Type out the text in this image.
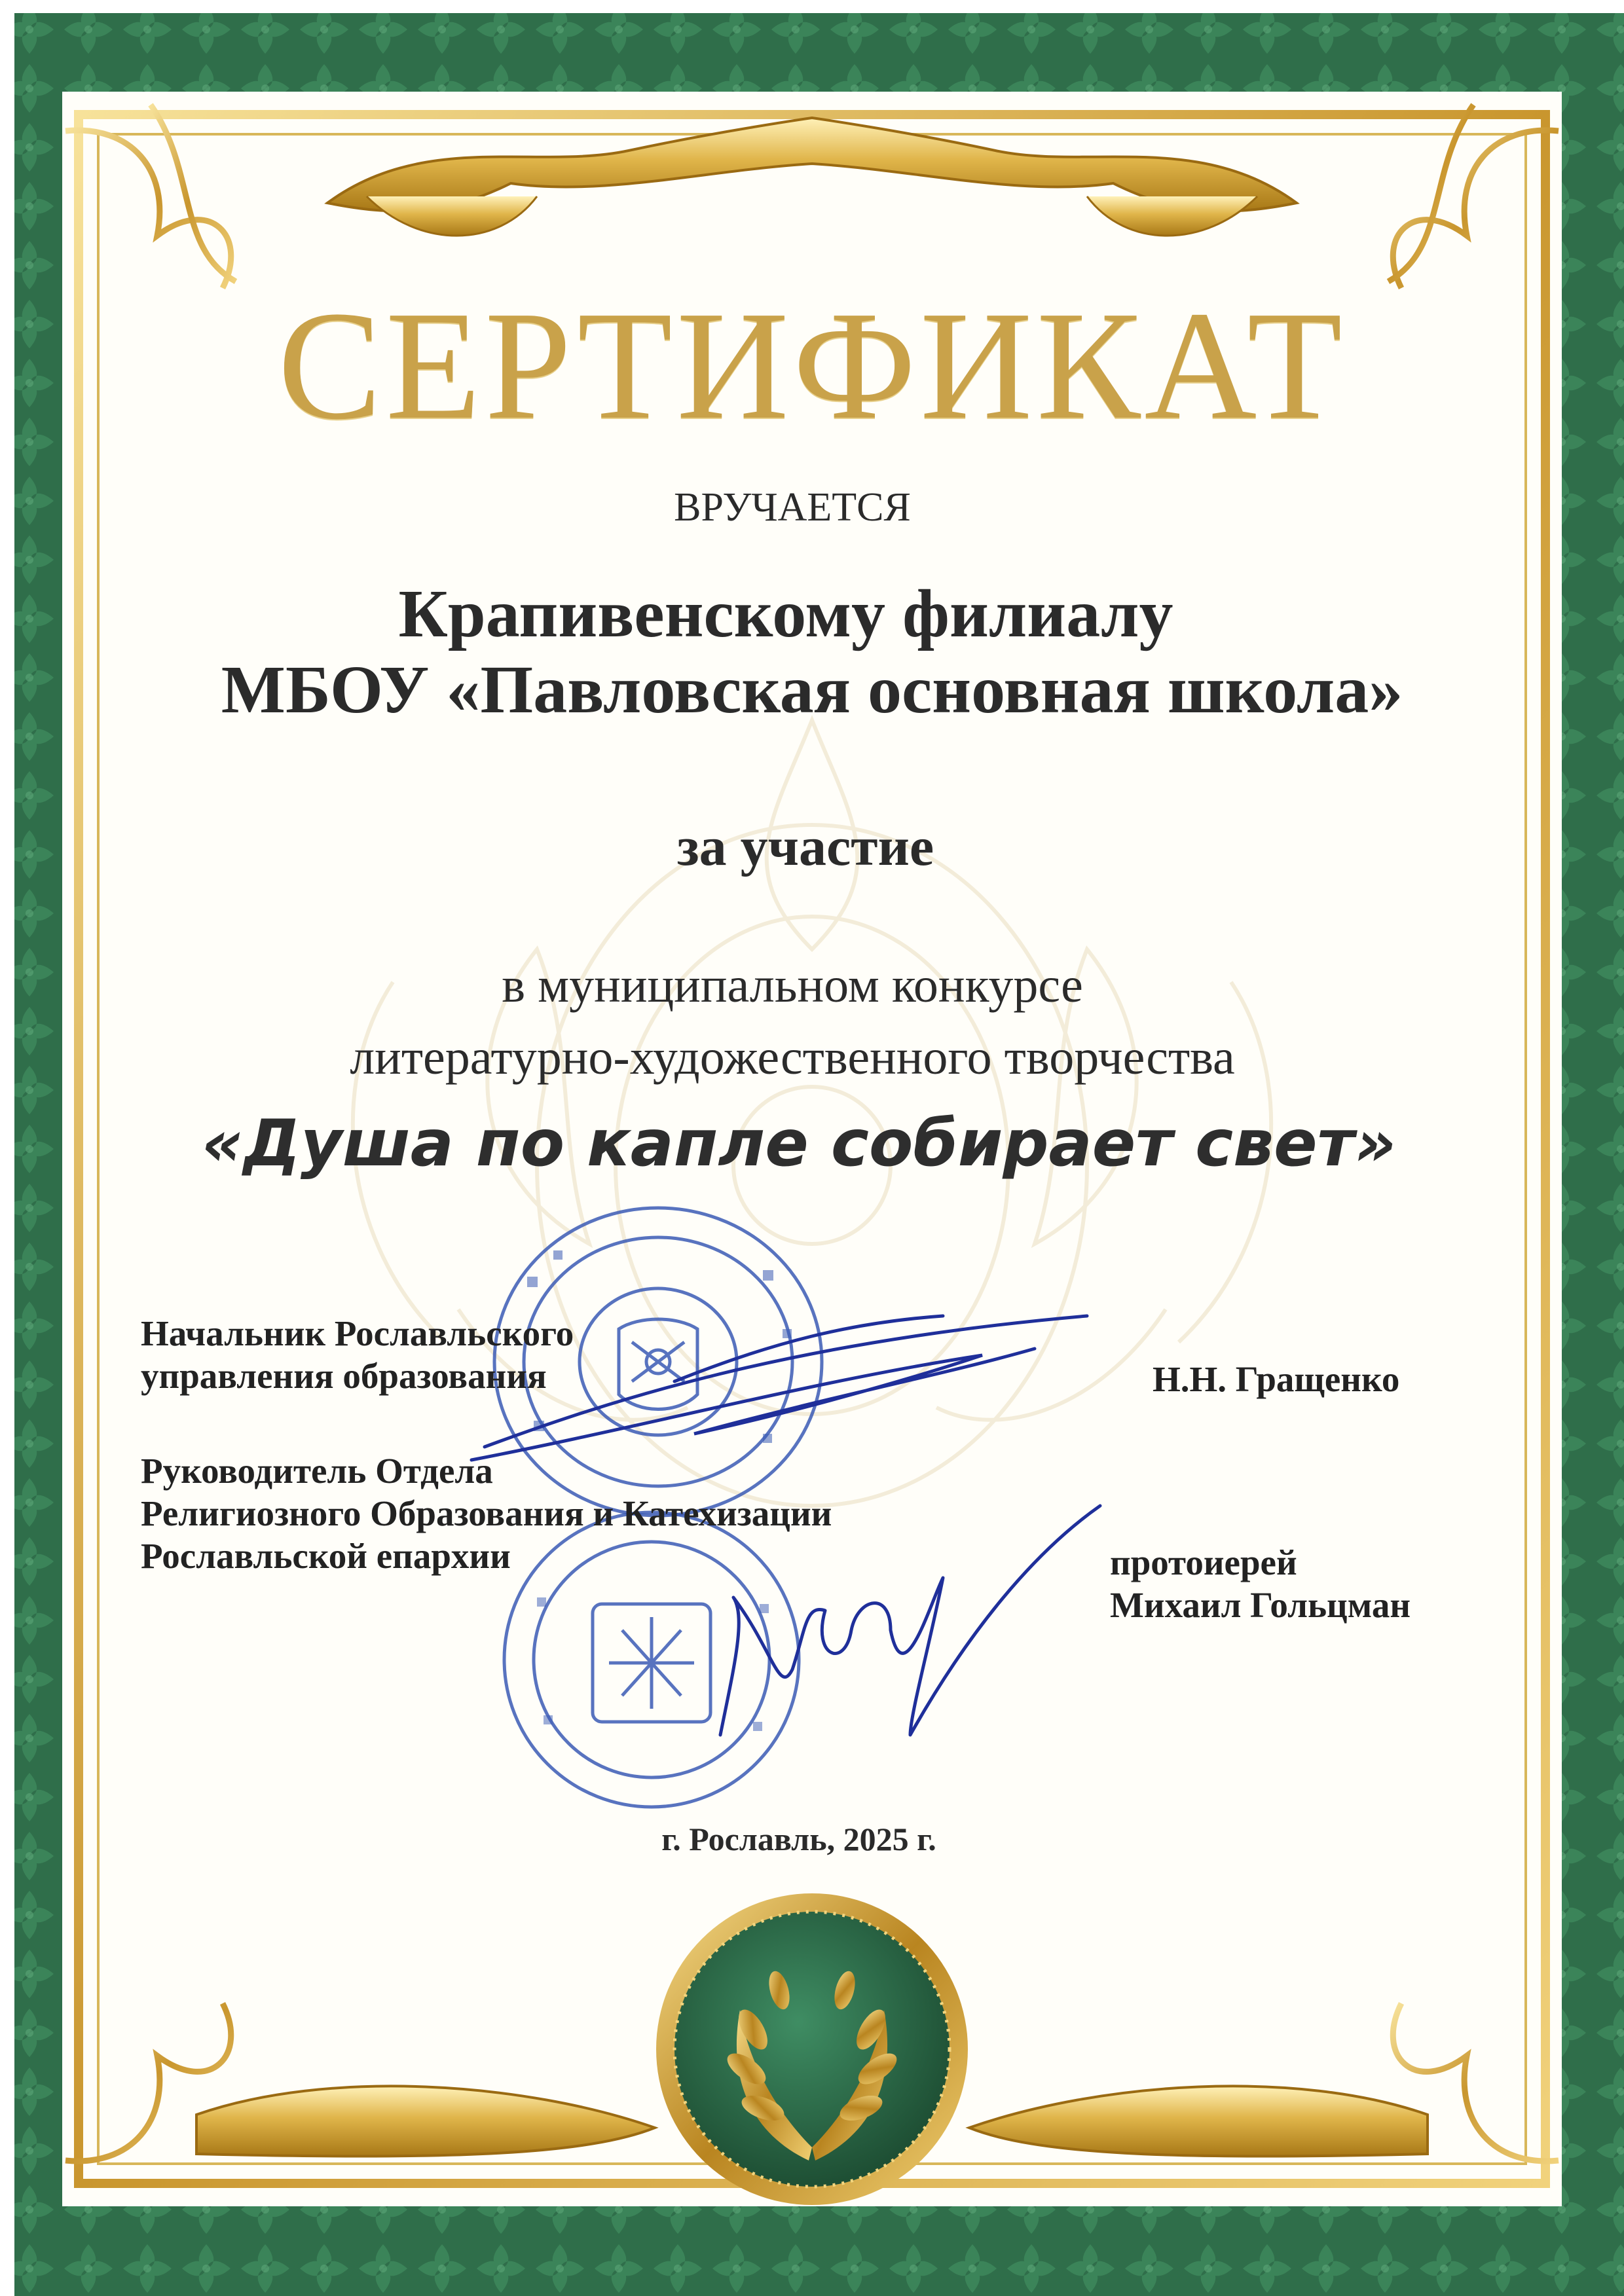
СЕРТИФИКАТ
ВРУЧАЕТСЯ
Крапивенскому филиалу
МБОУ «Павловская основная школа»
за участие
в муниципальном конкурсе
литературно-художественного творчества
«Душа по капле собирает свет»
Начальник Рославльского
управления образования	Н.Н. Гращенко
Руководитель Отдела
Религиозного Образования и Катехизации
Рославльской епархии	протоиерей
Михаил Гольцман
г. Рославль, 2025 г.
